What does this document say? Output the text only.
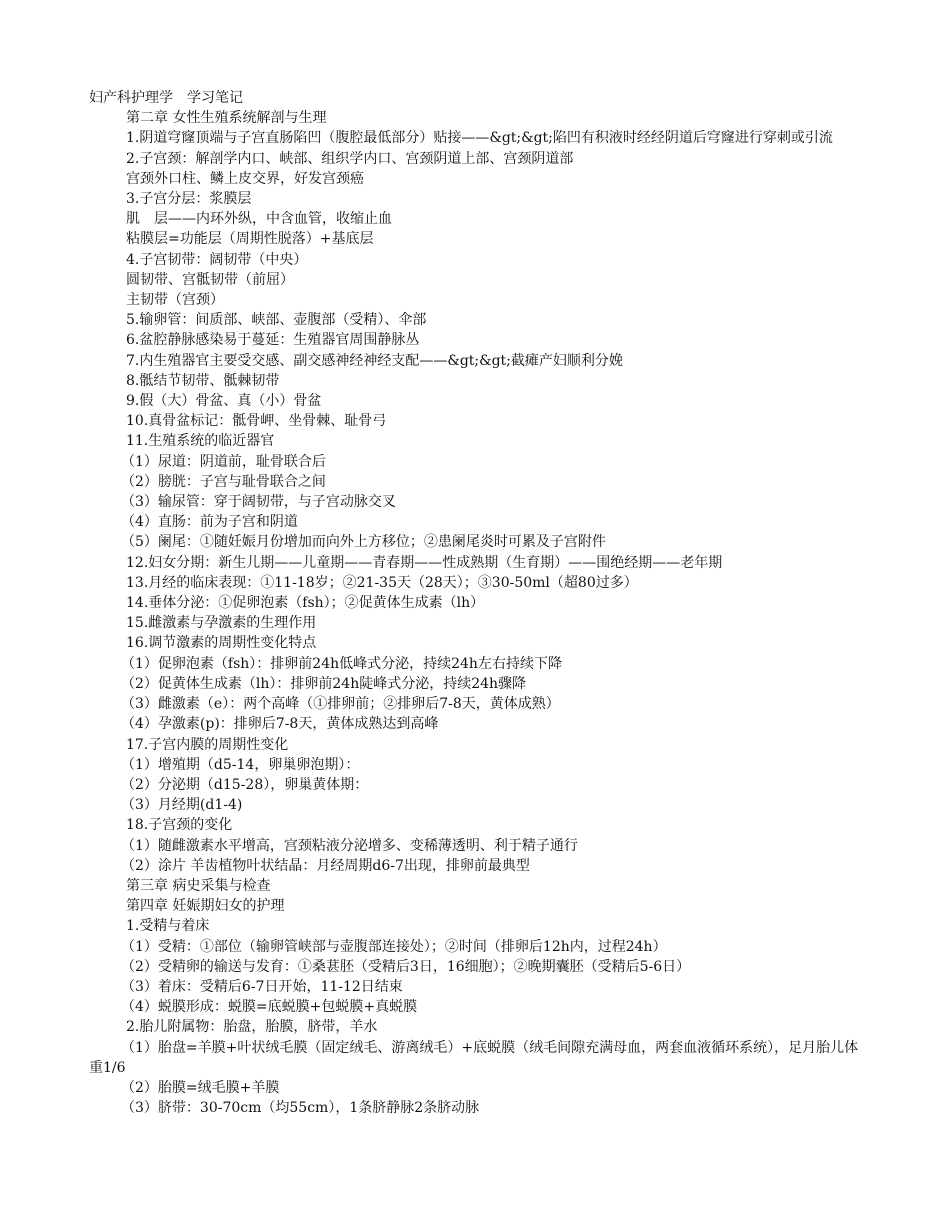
妇产科护理学　学习笔记
第二章 女性生殖系统解剖与生理
1.阴道穹窿顶端与子宫直肠陷凹（腹腔最低部分）贴接——&gt;&gt;陷凹有积液时经经阴道后穹窿进行穿刺或引流
2.子宫颈：解剖学内口、峡部、组织学内口、宫颈阴道上部、宫颈阴道部
宫颈外口柱、鳞上皮交界，好发宫颈癌
3.子宫分层：浆膜层
肌　层——内环外纵，中含血管，收缩止血
粘膜层=功能层（周期性脱落）+基底层
4.子宫韧带：阔韧带（中央）
圆韧带、宫骶韧带（前屈）
主韧带（宫颈）
5.输卵管：间质部、峡部、壶腹部（受精）、伞部
6.盆腔静脉感染易于蔓延：生殖器官周围静脉丛
7.内生殖器官主要受交感、副交感神经神经支配——&gt;&gt;截瘫产妇顺利分娩
8.骶结节韧带、骶棘韧带
9.假（大）骨盆、真（小）骨盆
10.真骨盆标记：骶骨岬、坐骨棘、耻骨弓
11.生殖系统的临近器官
（1）尿道：阴道前，耻骨联合后
（2）膀胱：子宫与耻骨联合之间
（3）输尿管：穿于阔韧带，与子宫动脉交叉
（4）直肠：前为子宫和阴道
（5）阑尾：①随妊娠月份增加而向外上方移位；②患阑尾炎时可累及子宫附件
12.妇女分期：新生儿期——儿童期——青春期——性成熟期（生育期）——围绝经期——老年期
13.月经的临床表现：①11-18岁；②21-35天（28天）；③30-50ml（超80过多）
14.垂体分泌：①促卵泡素（fsh）；②促黄体生成素（lh）
15.雌激素与孕激素的生理作用
16.调节激素的周期性变化特点
（1）促卵泡素（fsh）：排卵前24h低峰式分泌，持续24h左右持续下降
（2）促黄体生成素（lh）：排卵前24h陡峰式分泌，持续24h骤降
（3）雌激素（e）：两个高峰（①排卵前；②排卵后7-8天，黄体成熟）
（4）孕激素(p)：排卵后7-8天，黄体成熟达到高峰
17.子宫内膜的周期性变化
（1）增殖期（d5-14，卵巢卵泡期）：
（2）分泌期（d15-28），卵巢黄体期：
（3）月经期(d1-4)
18.子宫颈的变化
（1）随雌激素水平增高，宫颈粘液分泌增多、变稀薄透明、利于精子通行
（2）涂片 羊齿植物叶状结晶：月经周期d6-7出现，排卵前最典型
第三章 病史采集与检查
第四章 妊娠期妇女的护理
1.受精与着床
（1）受精：①部位（输卵管峡部与壶腹部连接处）；②时间（排卵后12h内，过程24h）
（2）受精卵的输送与发育：①桑葚胚（受精后3日，16细胞）；②晚期囊胚（受精后5-6日）
（3）着床：受精后6-7日开始，11-12日结束
（4）蜕膜形成：蜕膜=底蜕膜+包蜕膜+真蜕膜
2.胎儿附属物：胎盘，胎膜，脐带，羊水
（1）胎盘=羊膜+叶状绒毛膜（固定绒毛、游离绒毛）+底蜕膜（绒毛间隙充满母血，两套血液循环系统），足月胎儿体重1/6
（2）胎膜=绒毛膜+羊膜
（3）脐带：30-70cm（均55cm），1条脐静脉2条脐动脉
